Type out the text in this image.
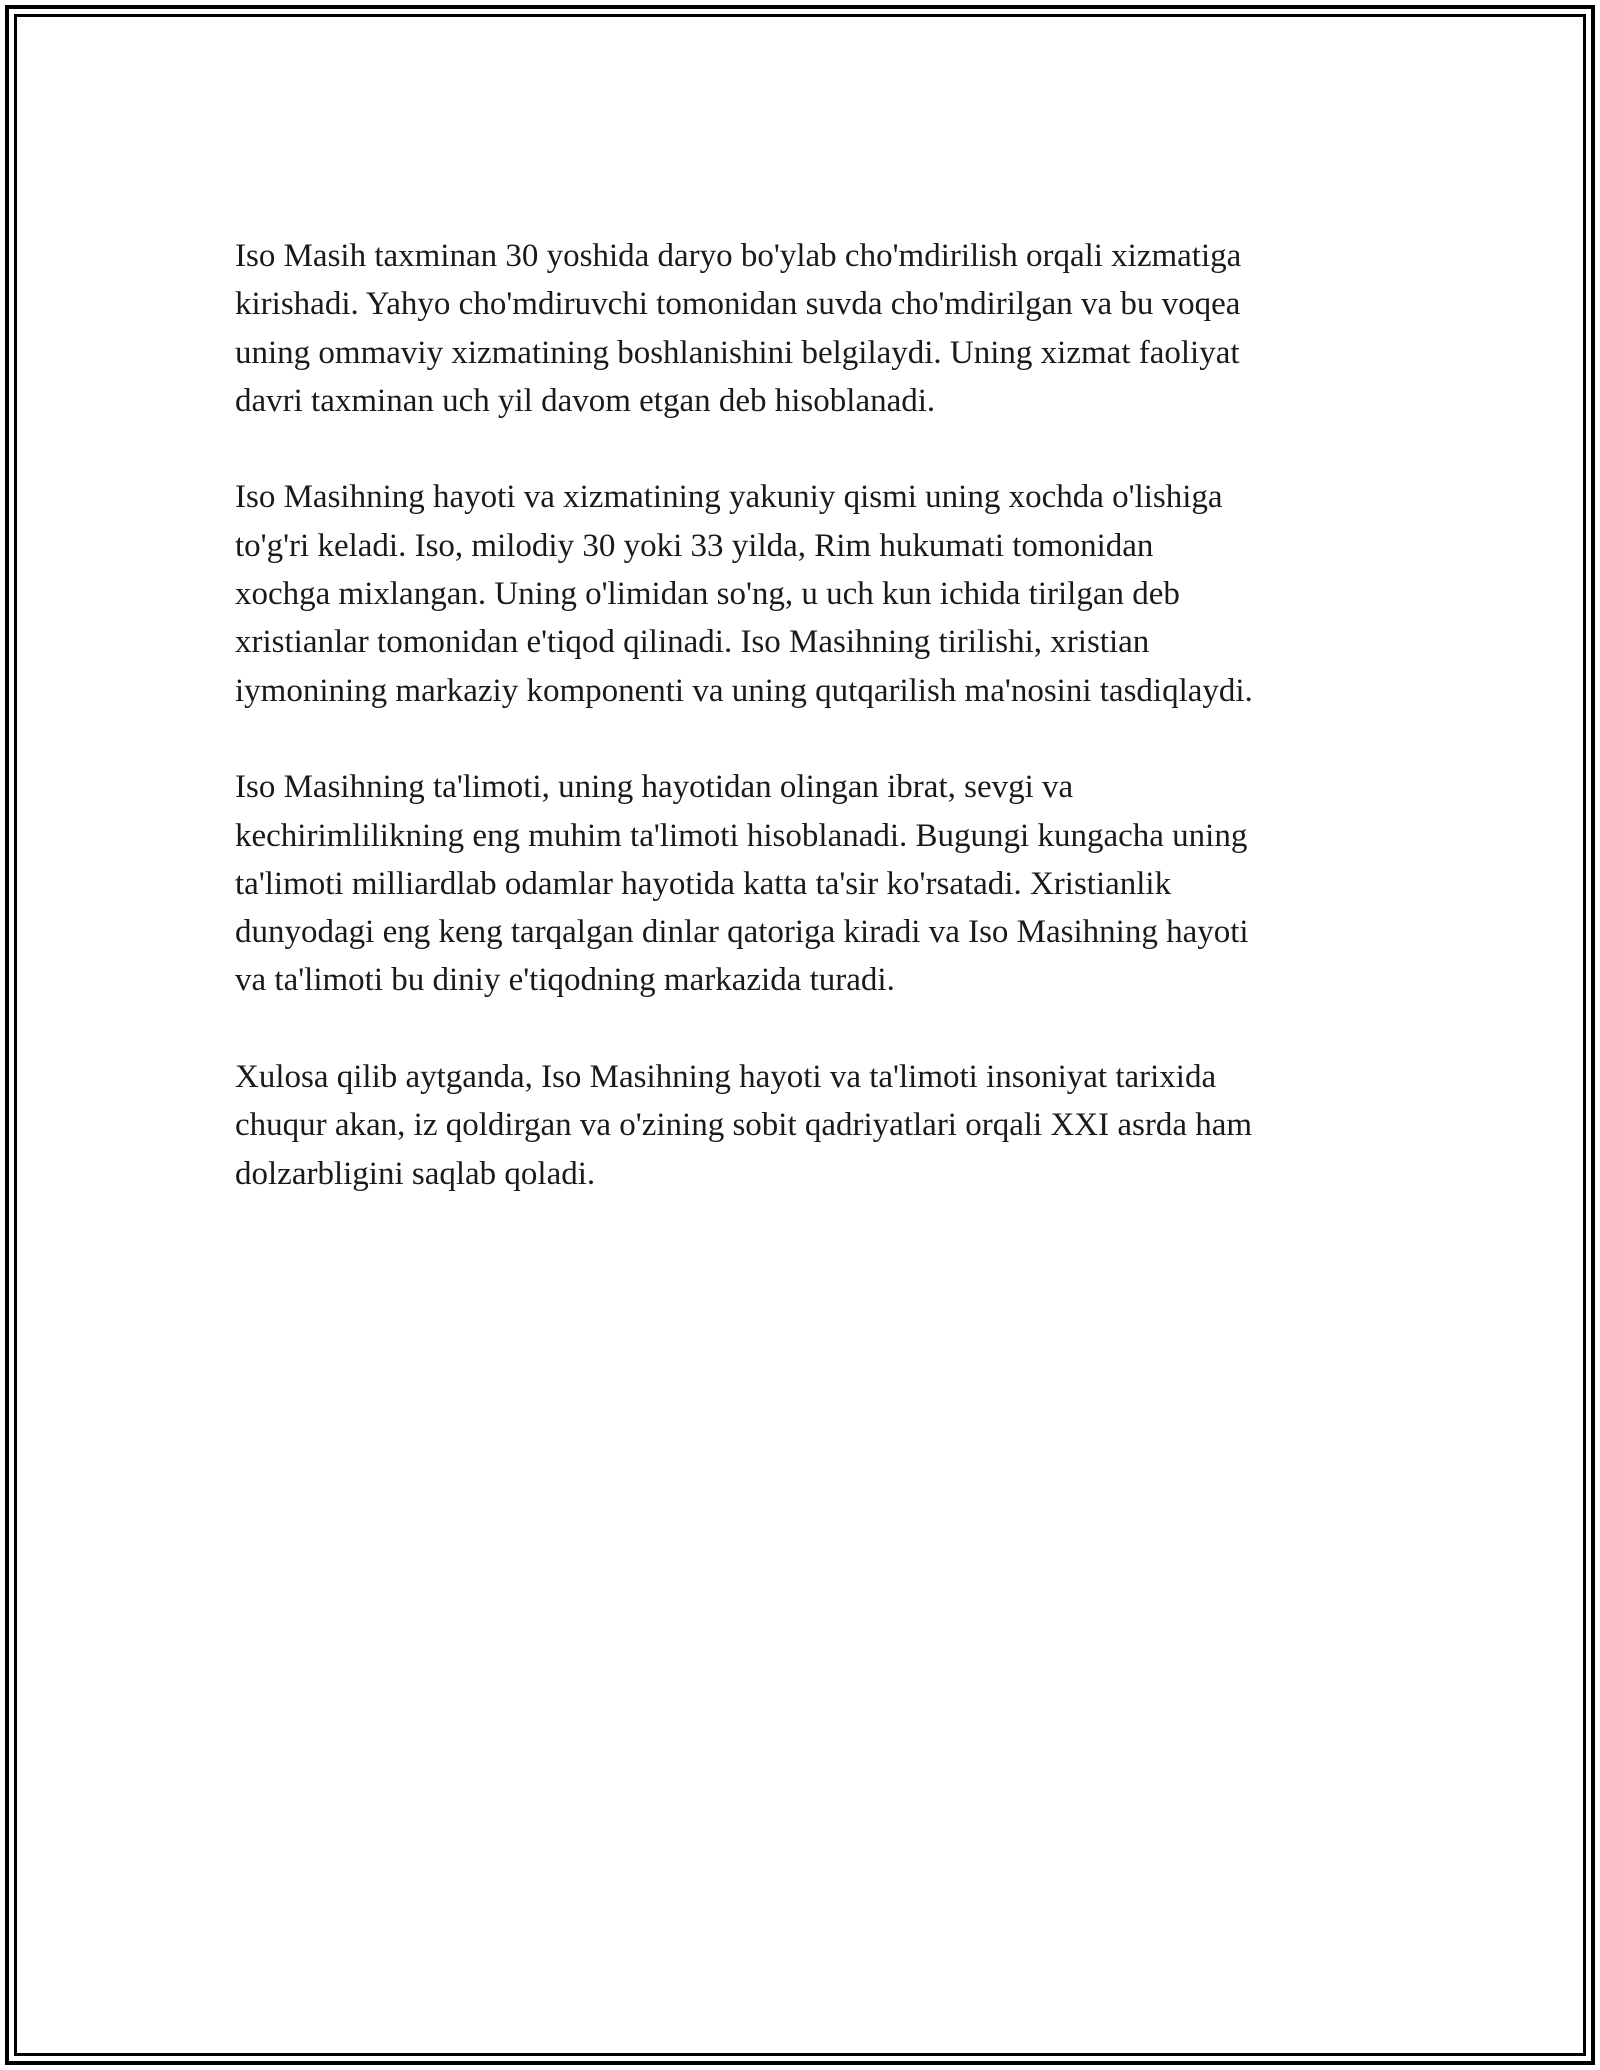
Iso Masih taxminan 30 yoshida daryo bo'ylab cho'mdirilish orqali xizmatiga
kirishadi. Yahyo cho'mdiruvchi tomonidan suvda cho'mdirilgan va bu voqea
uning ommaviy xizmatining boshlanishini belgilaydi. Uning xizmat faoliyat
davri taxminan uch yil davom etgan deb hisoblanadi.

Iso Masihning hayoti va xizmatining yakuniy qismi uning xochda o'lishiga
to'g'ri keladi. Iso, milodiy 30 yoki 33 yilda, Rim hukumati tomonidan
xochga mixlangan. Uning o'limidan so'ng, u uch kun ichida tirilgan deb
xristianlar tomonidan e'tiqod qilinadi. Iso Masihning tirilishi, xristian
iymonining markaziy komponenti va uning qutqarilish ma'nosini tasdiqlaydi.

Iso Masihning ta'limoti, uning hayotidan olingan ibrat, sevgi va
kechirimlilikning eng muhim ta'limoti hisoblanadi. Bugungi kungacha uning
ta'limoti milliardlab odamlar hayotida katta ta'sir ko'rsatadi. Xristianlik
dunyodagi eng keng tarqalgan dinlar qatoriga kiradi va Iso Masihning hayoti
va ta'limoti bu diniy e'tiqodning markazida turadi.

Xulosa qilib aytganda, Iso Masihning hayoti va ta'limoti insoniyat tarixida
chuqur akan, iz qoldirgan va o'zining sobit qadriyatlari orqali XXI asrda ham
dolzarbligini saqlab qoladi.
